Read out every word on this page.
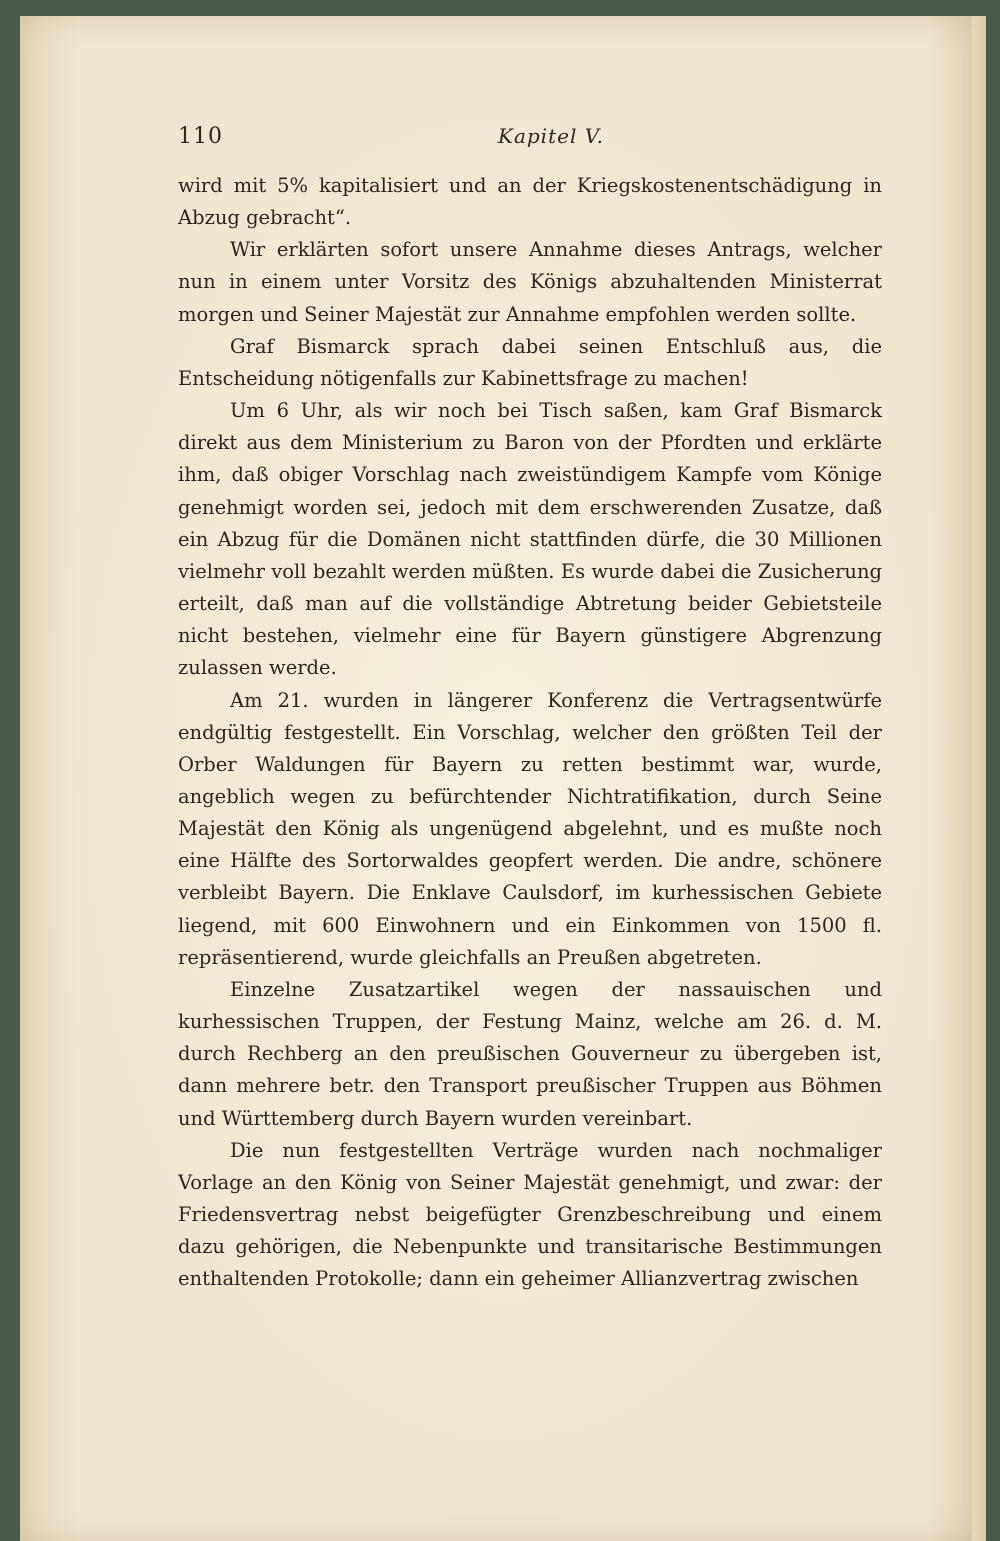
110	Kapitel V.

wird mit 5% kapitalisiert und an der Kriegskostenentschädigung in Abzug gebracht“.

Wir erklärten sofort unsere Annahme dieses Antrags, welcher nun in einem unter Vorsitz des Königs abzuhaltenden Ministerrat morgen und Seiner Majestät zur Annahme empfohlen werden sollte.

Graf Bismarck sprach dabei seinen Entschluß aus, die Entscheidung nötigenfalls zur Kabinettsfrage zu machen!

Um 6 Uhr, als wir noch bei Tisch saßen, kam Graf Bismarck direkt aus dem Ministerium zu Baron von der Pfordten und erklärte ihm, daß obiger Vorschlag nach zweistündigem Kampfe vom Könige genehmigt worden sei, jedoch mit dem erschwerenden Zusatze, daß ein Abzug für die Domänen nicht stattfinden dürfe, die 30 Millionen vielmehr voll bezahlt werden müßten. Es wurde dabei die Zusicherung erteilt, daß man auf die vollständige Abtretung beider Gebietsteile nicht bestehen, vielmehr eine für Bayern günstigere Abgrenzung zulassen werde.

Am 21. wurden in längerer Konferenz die Vertragsentwürfe endgültig festgestellt. Ein Vorschlag, welcher den größten Teil der Orber Waldungen für Bayern zu retten bestimmt war, wurde, angeblich wegen zu befürchtender Nichtratifikation, durch Seine Majestät den König als ungenügend abgelehnt, und es mußte noch eine Hälfte des Sortorwaldes geopfert werden. Die andre, schönere verbleibt Bayern. Die Enklave Caulsdorf, im kurhessischen Gebiete liegend, mit 600 Einwohnern und ein Einkommen von 1500 fl. repräsentierend, wurde gleichfalls an Preußen abgetreten.

Einzelne Zusatzartikel wegen der nassauischen und kurhessischen Truppen, der Festung Mainz, welche am 26. d. M. durch Rechberg an den preußischen Gouverneur zu übergeben ist, dann mehrere betr. den Transport preußischer Truppen aus Böhmen und Württemberg durch Bayern wurden vereinbart.

Die nun festgestellten Verträge wurden nach nochmaliger Vorlage an den König von Seiner Majestät genehmigt, und zwar: der Friedensvertrag nebst beigefügter Grenzbeschreibung und einem dazu gehörigen, die Nebenpunkte und transitarische Bestimmungen enthaltenden Protokolle; dann ein geheimer Allianzvertrag zwischen
